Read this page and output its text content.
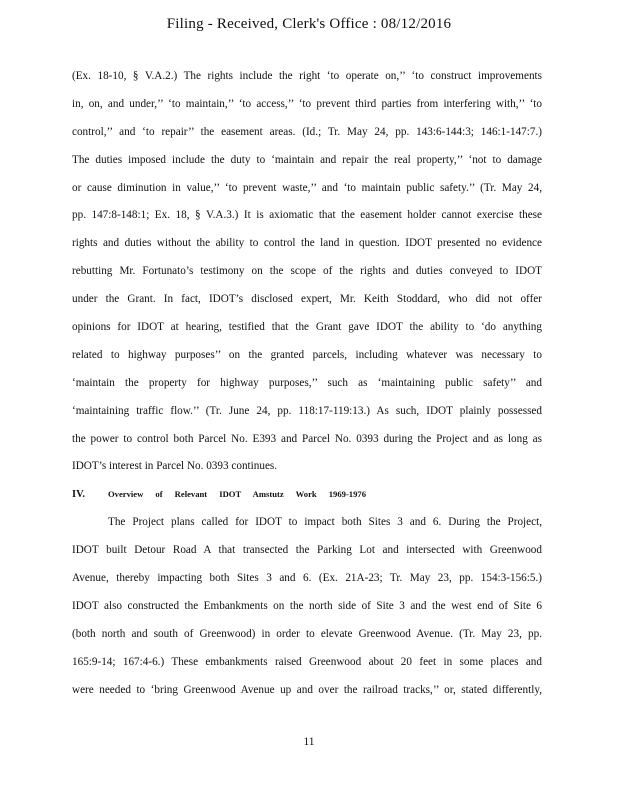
Filing - Received, Clerk's Office : 08/12/2016
(Ex. 18-10, § V.A.2.) The rights include the right ‘to operate on,’’ ‘to construct improvements
in, on, and under,’’ ‘to maintain,’’ ‘to access,’’ ‘to prevent third parties from interfering with,’’ ‘to
control,’’ and ‘to repair’’ the easement areas. (Id.; Tr. May 24, pp. 143:6-144:3; 146:1-147:7.)
The duties imposed include the duty to ‘maintain and repair the real property,’’ ‘not to damage
or cause diminution in value,’’ ‘to prevent waste,’’ and ‘to maintain public safety.’’ (Tr. May 24,
pp. 147:8-148:1; Ex. 18, § V.A.3.) It is axiomatic that the easement holder cannot exercise these
rights and duties without the ability to control the land in question. IDOT presented no evidence
rebutting Mr. Fortunato’s testimony on the scope of the rights and duties conveyed to IDOT
under the Grant. In fact, IDOT’s disclosed expert, Mr. Keith Stoddard, who did not offer
opinions for IDOT at hearing, testified that the Grant gave IDOT the ability to ‘do anything
related to highway purposes’’ on the granted parcels, including whatever was necessary to
‘maintain the property for highway purposes,’’ such as ‘maintaining public safety’’ and
‘maintaining traffic flow.’’ (Tr. June 24, pp. 118:17-119:13.) As such, IDOT plainly possessed
the power to control both Parcel No. E393 and Parcel No. 0393 during the Project and as long as
IDOT’s interest in Parcel No. 0393 continues.
IV.	Overview of Relevant IDOT Amstutz Work 1969-1976
The Project plans called for IDOT to impact both Sites 3 and 6. During the Project,
IDOT built Detour Road A that transected the Parking Lot and intersected with Greenwood
Avenue, thereby impacting both Sites 3 and 6. (Ex. 21A-23; Tr. May 23, pp. 154:3-156:5.)
IDOT also constructed the Embankments on the north side of Site 3 and the west end of Site 6
(both north and south of Greenwood) in order to elevate Greenwood Avenue. (Tr. May 23, pp.
165:9-14; 167:4-6.) These embankments raised Greenwood about 20 feet in some places and
were needed to ‘bring Greenwood Avenue up and over the railroad tracks,’’ or, stated differently,
11
